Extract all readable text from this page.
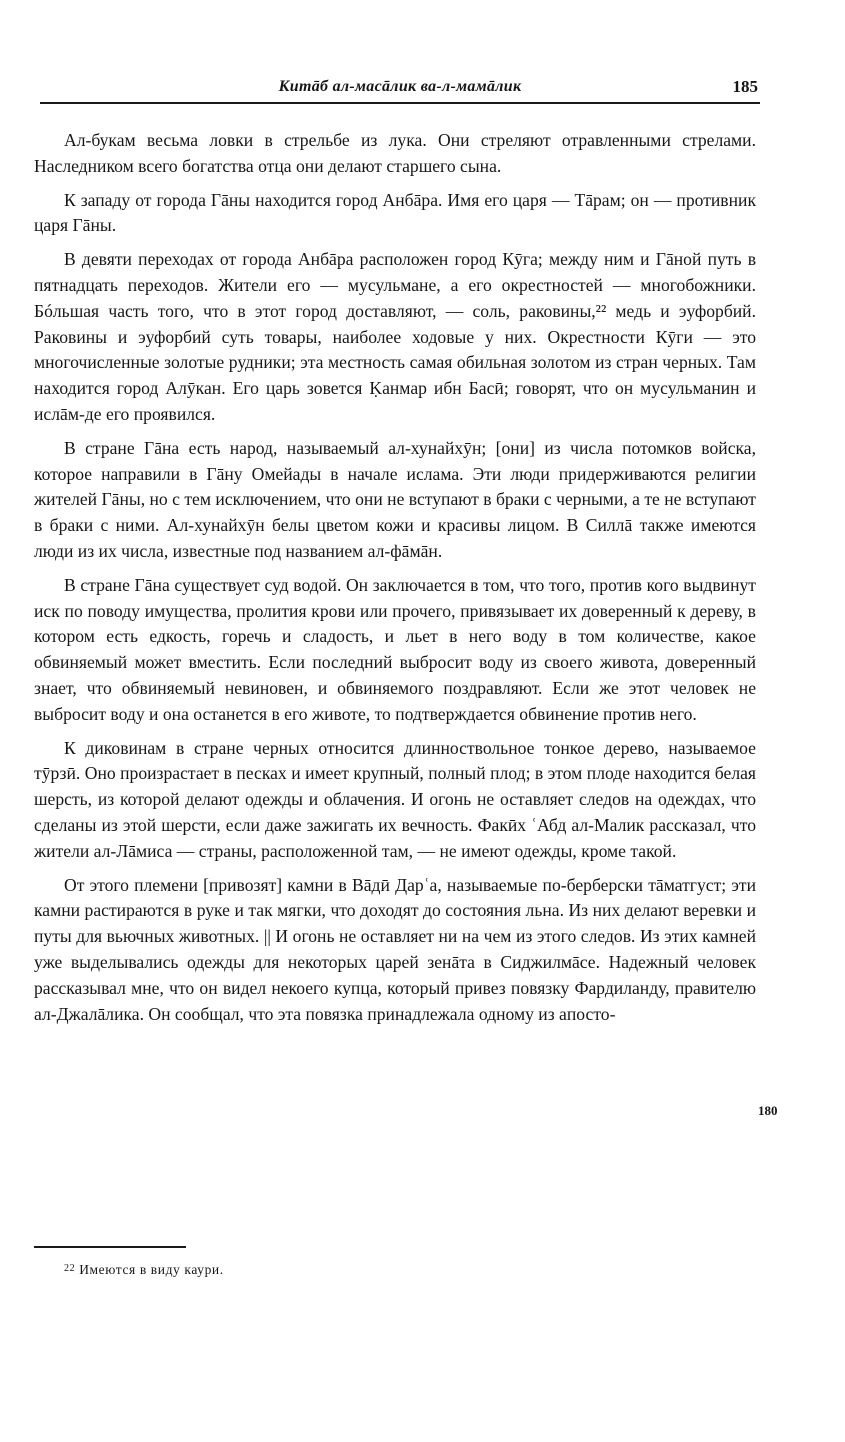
Китāб ал-масāлик ва-л-мамāлик	185

Ал-букам весьма ловки в стрельбе из лука. Они стреляют отравленными стрелами. Наследником всего богатства отца они делают старшего сына.

К западу от города Гāны находится город Анбāра. Имя его царя — Тāрам; он — противник царя Гāны.

В девяти переходах от города Анбāра расположен город Кӯга; между ним и Гāной путь в пятнадцать переходов. Жители его — мусульмане, а его окрестностей — многобожники. Бóльшая часть того, что в этот город доставляют, — соль, раковины,²² медь и эуфорбий. Раковины и эуфорбий суть товары, наиболее ходовые у них. Окрестности Кӯги — это многочисленные золотые рудники; эта местность самая обильная золотом из стран черных. Там находится город Алӯкан. Его царь зовется Ḳанмар ибн Басӣ; говорят, что он мусульманин и ислāм-де его проявился.

В стране Гāна есть народ, называемый ал-хунайхӯн; [они] из числа потомков войска, которое направили в Гāну Омейады в начале ислама. Эти люди придерживаются религии жителей Гāны, но с тем исключением, что они не вступают в браки с черными, а те не вступают в браки с ними. Ал-хунайхӯн белы цветом кожи и красивы лицом. В Силлā также имеются люди из их числа, известные под названием ал-фāмāн.

В стране Гāна существует суд водой. Он заключается в том, что того, против кого выдвинут иск по поводу имущества, пролития крови или прочего, привязывает их доверенный к дереву, в котором есть едкость, горечь и сладость, и льет в него воду в том количестве, какое обвиняемый может вместить. Если последний выбросит воду из своего живота, доверенный знает, что обвиняемый невиновен, и обвиняемого поздравляют. Если же этот человек не выбросит воду и она останется в его животе, то подтверждается обвинение против него.

К диковинам в стране черных относится длинноствольное тонкое дерево, называемое тӯрзӣ. Оно произрастает в песках и имеет крупный, полный плод; в этом плоде находится белая шерсть, из которой делают одежды и облачения. И огонь не оставляет следов на одеждах, что сделаны из этой шерсти, если даже зажигать их вечность. Факӣх ʿАбд ал-Малик рассказал, что жители ал-Лāмиса — страны, расположенной там, — не имеют одежды, кроме такой.

От этого племени [привозят] камни в Вāдӣ Дарʿа, называемые по-берберски тāматгуст; эти камни растираются в руке и так мягки, что доходят до состояния льна. Из них делают веревки и путы для вьючных животных. || И огонь не оставляет ни на чем из этого следов. Из этих камней уже выделывались одежды для некоторых царей зенāта в Сиджилмāсе. Надежный человек рассказывал мне, что он видел некоего купца, который привез повязку Фардиланду, правителю ал-Джалāлика. Он сообщал, что эта повязка принадлежала одному из aпосто-

180
$^{22}$ Имеются в виду каури.
